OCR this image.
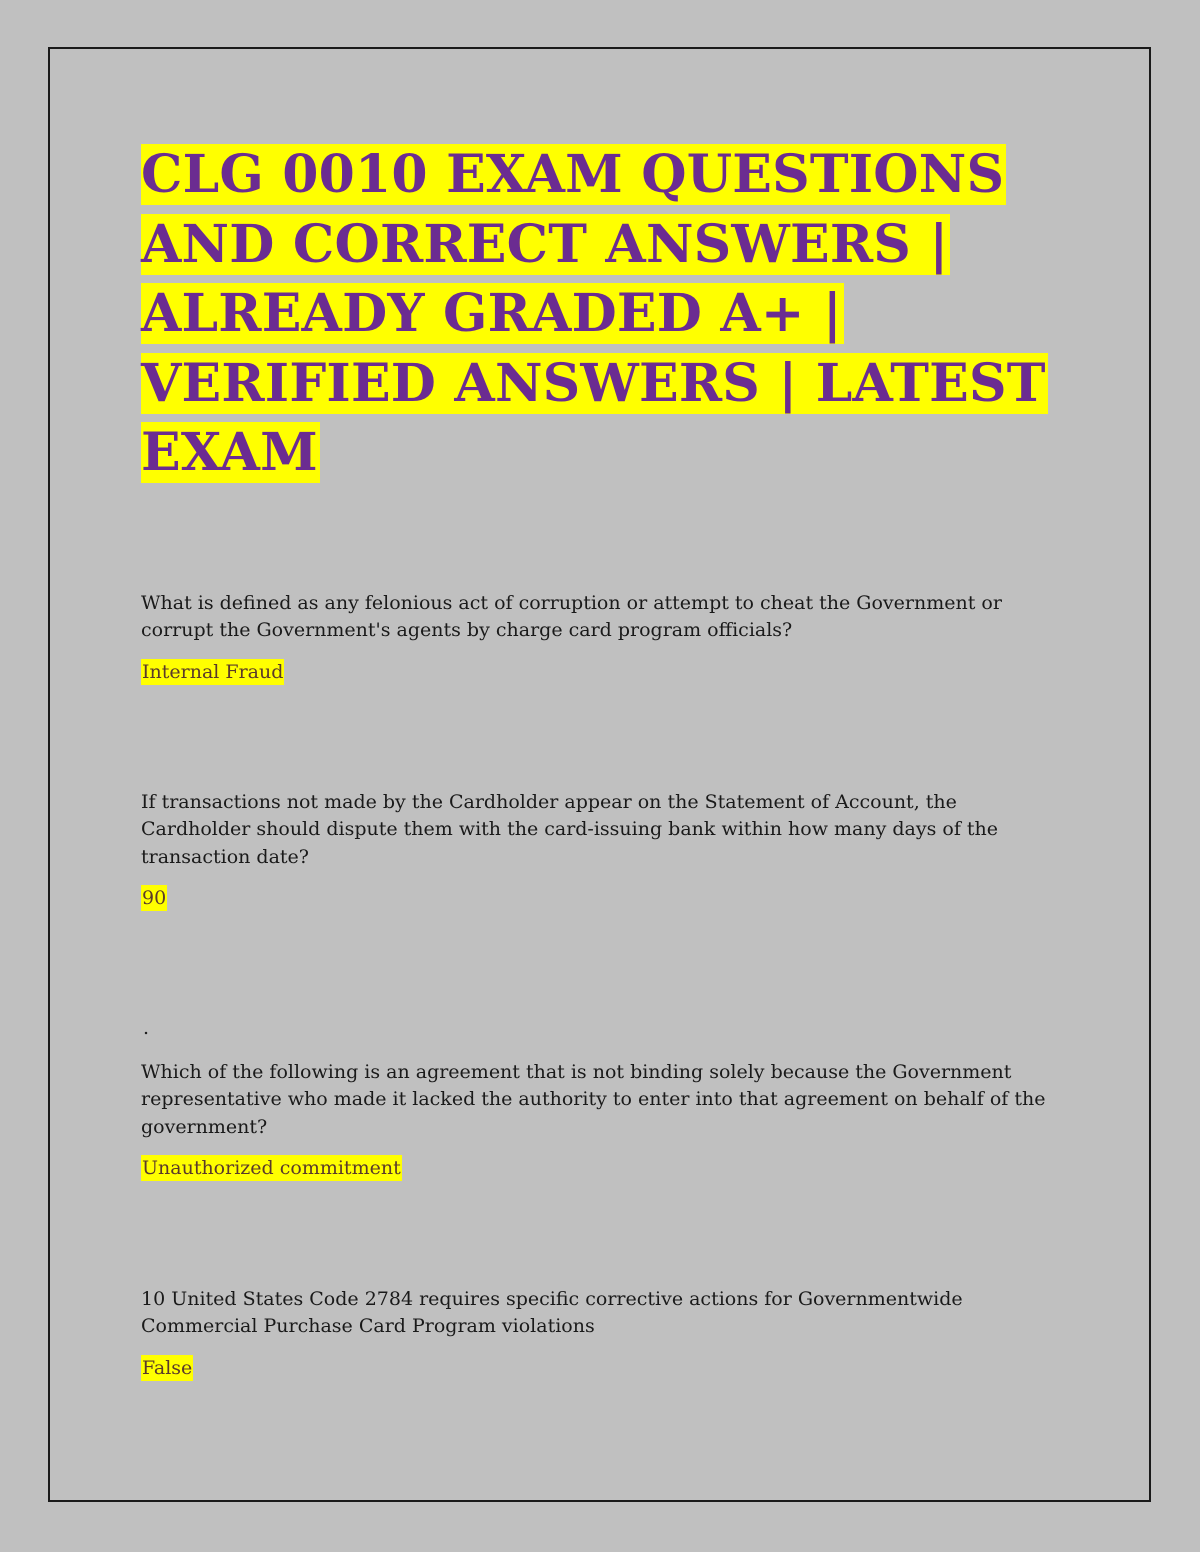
CLG 0010 EXAM QUESTIONS AND CORRECT ANSWERS | ALREADY GRADED A+ | VERIFIED ANSWERS | LATEST EXAM

What is defined as any felonious act of corruption or attempt to cheat the Government or corrupt the Government's agents by charge card program officials?

Internal Fraud

If transactions not made by the Cardholder appear on the Statement of Account, the Cardholder should dispute them with the card-issuing bank within how many days of the transaction date?

90

.

Which of the following is an agreement that is not binding solely because the Government representative who made it lacked the authority to enter into that agreement on behalf of the government?

Unauthorized commitment

10 United States Code 2784 requires specific corrective actions for Governmentwide Commercial Purchase Card Program violations

False
